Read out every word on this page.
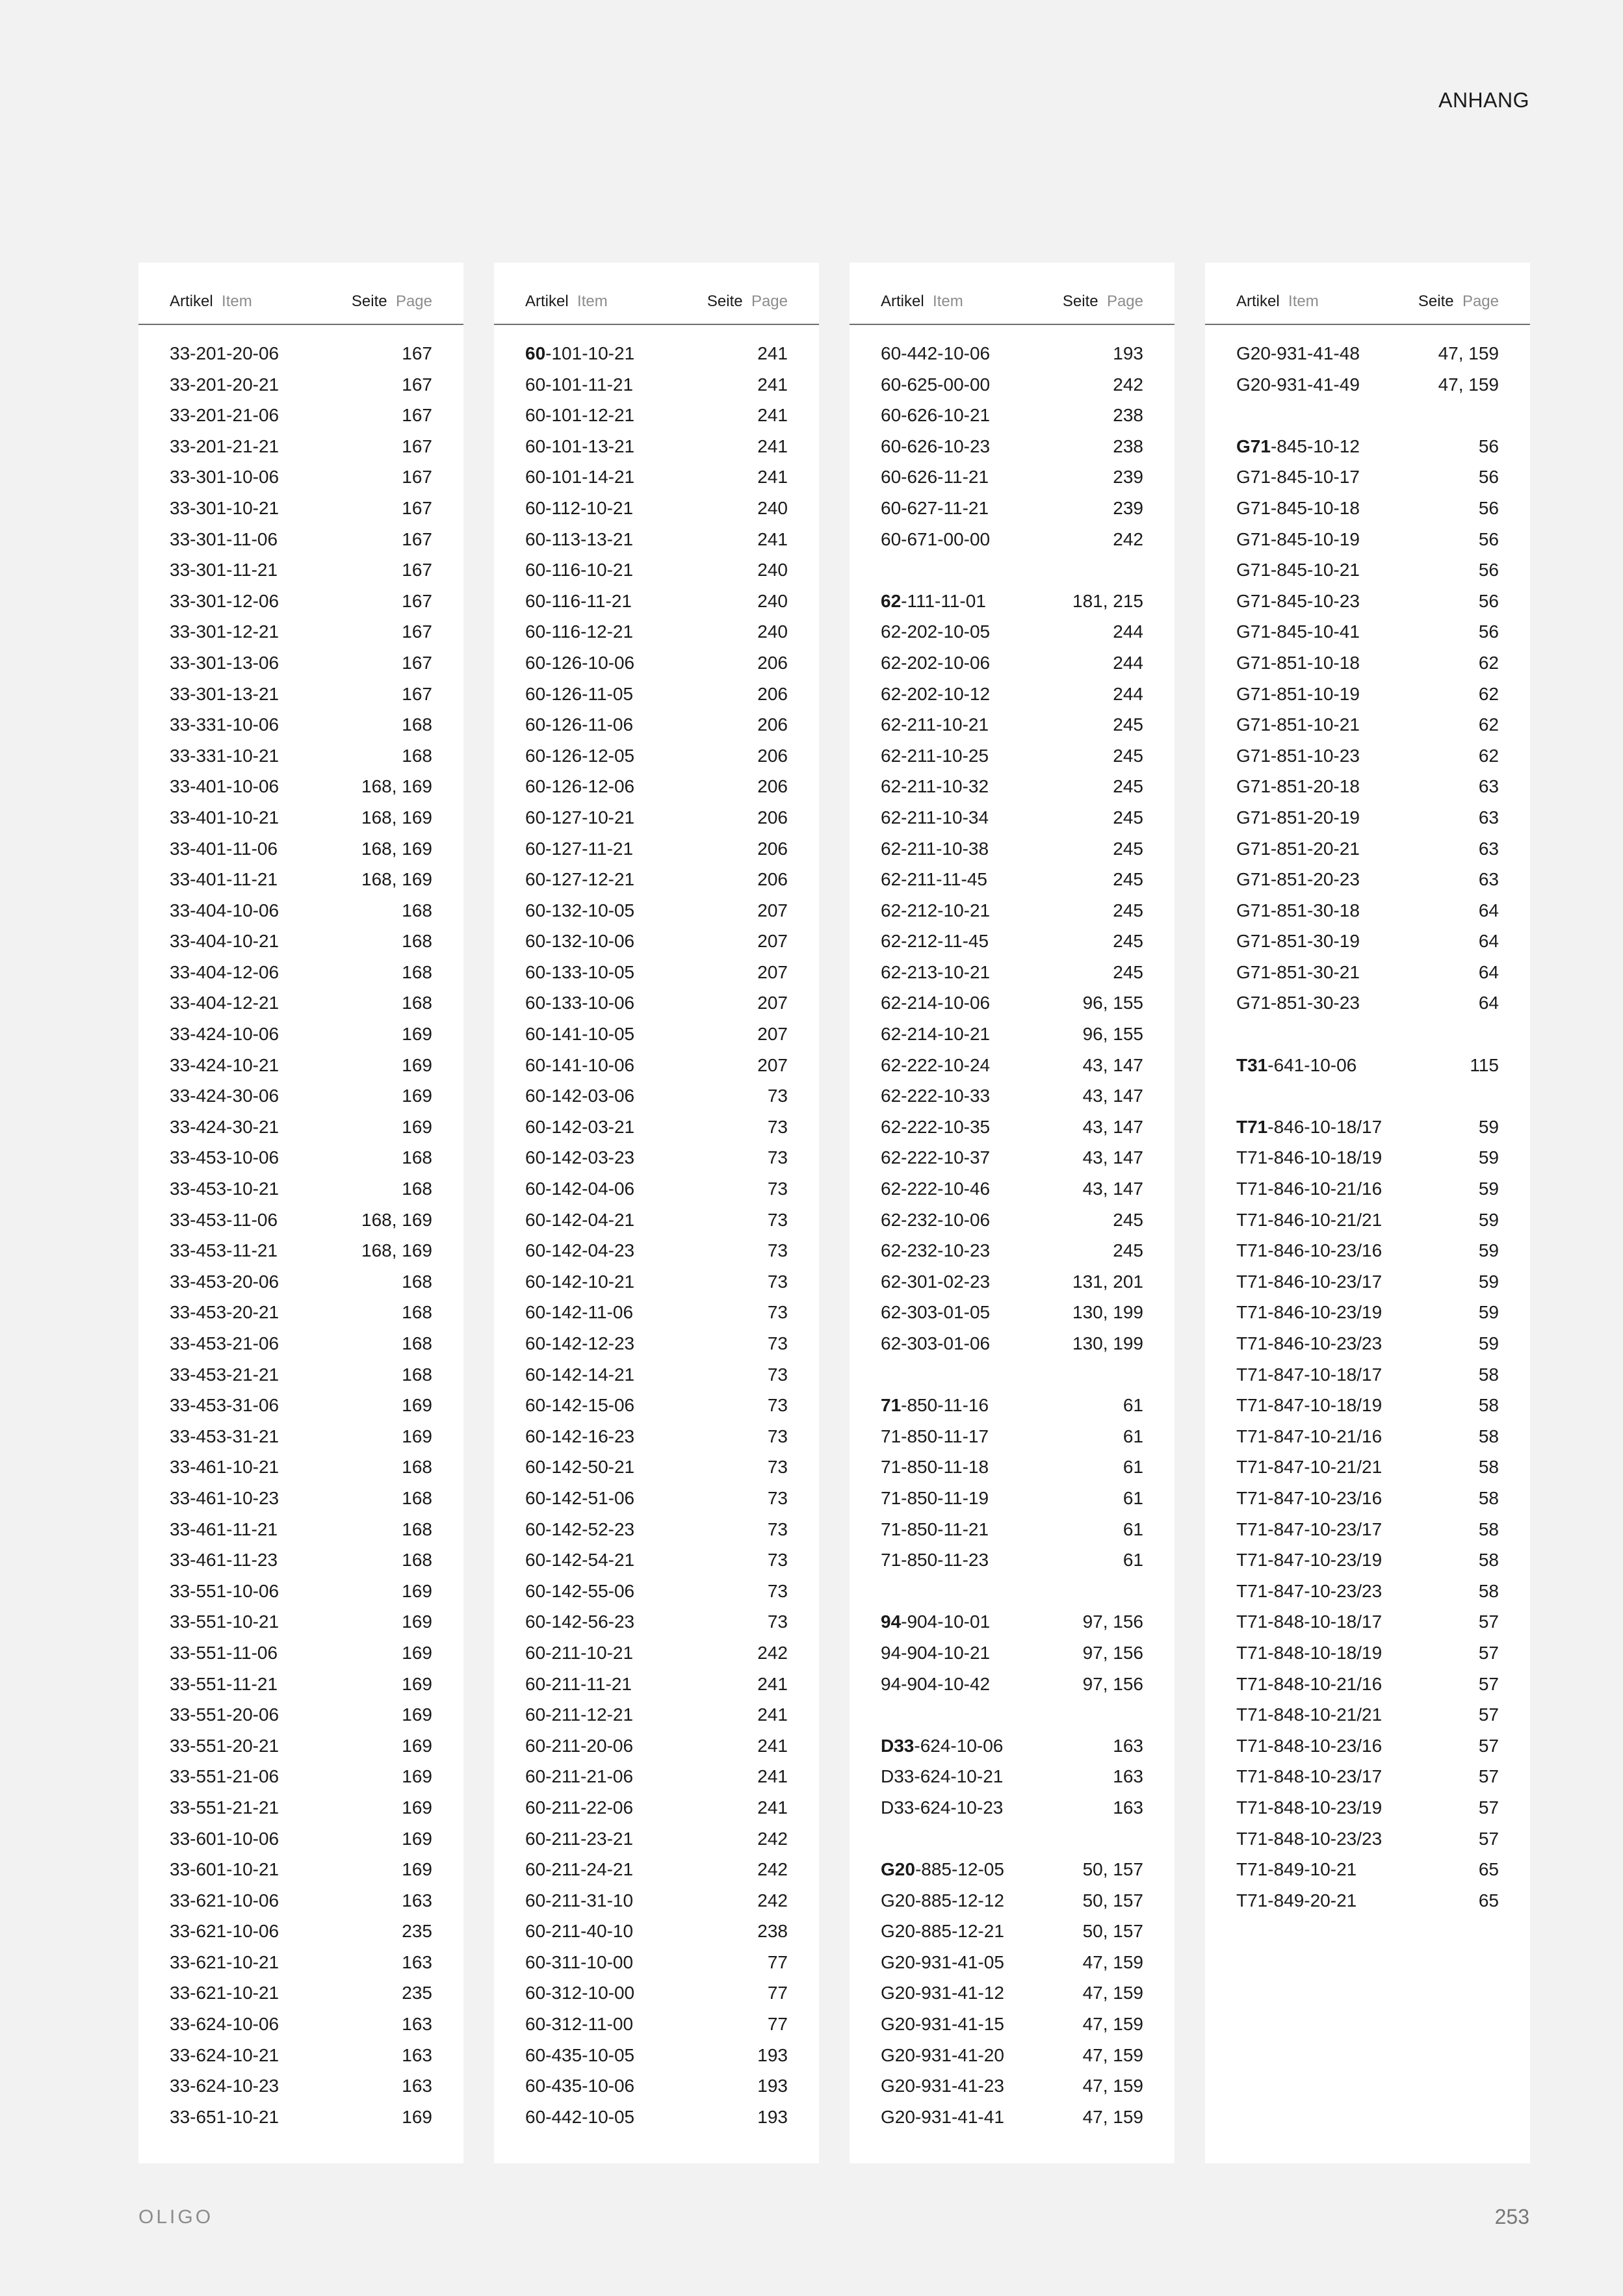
ANHANG
Artikel Item	Seite Page
33-201-20-06	167
33-201-20-21	167
33-201-21-06	167
33-201-21-21	167
33-301-10-06	167
33-301-10-21	167
33-301-11-06	167
33-301-11-21	167
33-301-12-06	167
33-301-12-21	167
33-301-13-06	167
33-301-13-21	167
33-331-10-06	168
33-331-10-21	168
33-401-10-06	168, 169
33-401-10-21	168, 169
33-401-11-06	168, 169
33-401-11-21	168, 169
33-404-10-06	168
33-404-10-21	168
33-404-12-06	168
33-404-12-21	168
33-424-10-06	169
33-424-10-21	169
33-424-30-06	169
33-424-30-21	169
33-453-10-06	168
33-453-10-21	168
33-453-11-06	168, 169
33-453-11-21	168, 169
33-453-20-06	168
33-453-20-21	168
33-453-21-06	168
33-453-21-21	168
33-453-31-06	169
33-453-31-21	169
33-461-10-21	168
33-461-10-23	168
33-461-11-21	168
33-461-11-23	168
33-551-10-06	169
33-551-10-21	169
33-551-11-06	169
33-551-11-21	169
33-551-20-06	169
33-551-20-21	169
33-551-21-06	169
33-551-21-21	169
33-601-10-06	169
33-601-10-21	169
33-621-10-06	163
33-621-10-06	235
33-621-10-21	163
33-621-10-21	235
33-624-10-06	163
33-624-10-21	163
33-624-10-23	163
33-651-10-21	169
Artikel Item	Seite Page
60-101-10-21	241
60-101-11-21	241
60-101-12-21	241
60-101-13-21	241
60-101-14-21	241
60-112-10-21	240
60-113-13-21	241
60-116-10-21	240
60-116-11-21	240
60-116-12-21	240
60-126-10-06	206
60-126-11-05	206
60-126-11-06	206
60-126-12-05	206
60-126-12-06	206
60-127-10-21	206
60-127-11-21	206
60-127-12-21	206
60-132-10-05	207
60-132-10-06	207
60-133-10-05	207
60-133-10-06	207
60-141-10-05	207
60-141-10-06	207
60-142-03-06	73
60-142-03-21	73
60-142-03-23	73
60-142-04-06	73
60-142-04-21	73
60-142-04-23	73
60-142-10-21	73
60-142-11-06	73
60-142-12-23	73
60-142-14-21	73
60-142-15-06	73
60-142-16-23	73
60-142-50-21	73
60-142-51-06	73
60-142-52-23	73
60-142-54-21	73
60-142-55-06	73
60-142-56-23	73
60-211-10-21	242
60-211-11-21	241
60-211-12-21	241
60-211-20-06	241
60-211-21-06	241
60-211-22-06	241
60-211-23-21	242
60-211-24-21	242
60-211-31-10	242
60-211-40-10	238
60-311-10-00	77
60-312-10-00	77
60-312-11-00	77
60-435-10-05	193
60-435-10-06	193
60-442-10-05	193
Artikel Item	Seite Page
60-442-10-06	193
60-625-00-00	242
60-626-10-21	238
60-626-10-23	238
60-626-11-21	239
60-627-11-21	239
60-671-00-00	242
62-111-11-01	181, 215
62-202-10-05	244
62-202-10-06	244
62-202-10-12	244
62-211-10-21	245
62-211-10-25	245
62-211-10-32	245
62-211-10-34	245
62-211-10-38	245
62-211-11-45	245
62-212-10-21	245
62-212-11-45	245
62-213-10-21	245
62-214-10-06	96, 155
62-214-10-21	96, 155
62-222-10-24	43, 147
62-222-10-33	43, 147
62-222-10-35	43, 147
62-222-10-37	43, 147
62-222-10-46	43, 147
62-232-10-06	245
62-232-10-23	245
62-301-02-23	131, 201
62-303-01-05	130, 199
62-303-01-06	130, 199
71-850-11-16	61
71-850-11-17	61
71-850-11-18	61
71-850-11-19	61
71-850-11-21	61
71-850-11-23	61
94-904-10-01	97, 156
94-904-10-21	97, 156
94-904-10-42	97, 156
D33-624-10-06	163
D33-624-10-21	163
D33-624-10-23	163
G20-885-12-05	50, 157
G20-885-12-12	50, 157
G20-885-12-21	50, 157
G20-931-41-05	47, 159
G20-931-41-12	47, 159
G20-931-41-15	47, 159
G20-931-41-20	47, 159
G20-931-41-23	47, 159
G20-931-41-41	47, 159
Artikel Item	Seite Page
G20-931-41-48	47, 159
G20-931-41-49	47, 159
G71-845-10-12	56
G71-845-10-17	56
G71-845-10-18	56
G71-845-10-19	56
G71-845-10-21	56
G71-845-10-23	56
G71-845-10-41	56
G71-851-10-18	62
G71-851-10-19	62
G71-851-10-21	62
G71-851-10-23	62
G71-851-20-18	63
G71-851-20-19	63
G71-851-20-21	63
G71-851-20-23	63
G71-851-30-18	64
G71-851-30-19	64
G71-851-30-21	64
G71-851-30-23	64
T31-641-10-06	115
T71-846-10-18/17	59
T71-846-10-18/19	59
T71-846-10-21/16	59
T71-846-10-21/21	59
T71-846-10-23/16	59
T71-846-10-23/17	59
T71-846-10-23/19	59
T71-846-10-23/23	59
T71-847-10-18/17	58
T71-847-10-18/19	58
T71-847-10-21/16	58
T71-847-10-21/21	58
T71-847-10-23/16	58
T71-847-10-23/17	58
T71-847-10-23/19	58
T71-847-10-23/23	58
T71-848-10-18/17	57
T71-848-10-18/19	57
T71-848-10-21/16	57
T71-848-10-21/21	57
T71-848-10-23/16	57
T71-848-10-23/17	57
T71-848-10-23/19	57
T71-848-10-23/23	57
T71-849-10-21	65
T71-849-20-21	65
OLIGO	253
